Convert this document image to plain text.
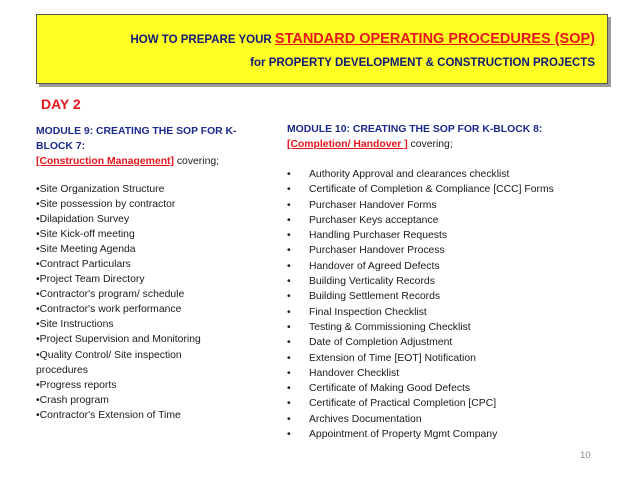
HOW TO PREPARE YOUR STANDARD OPERATING PROCEDURES (SOP)
for PROPERTY DEVELOPMENT & CONSTRUCTION PROJECTS
DAY 2
MODULE 9: CREATING THE SOP FOR K-BLOCK 7:
[Construction Management] covering;
•Site Organization Structure
•Site possession by contractor
•Dilapidation Survey
•Site Kick-off meeting
•Site Meeting Agenda
•Contract Particulars
•Project Team Directory
•Contractor's program/ schedule
•Contractor's work performance
•Site Instructions
•Project Supervision and Monitoring
•Quality Control/ Site inspection
procedures
•Progress reports
•Crash program
•Contractor's Extension of Time
MODULE 10: CREATING THE SOP FOR K-BLOCK 8:
[Completion/ Handover ] covering;
• Authority Approval and clearances checklist
• Certificate of Completion & Compliance [CCC] Forms
• Purchaser Handover Forms
• Purchaser Keys acceptance
• Handling Purchaser Requests
• Purchaser Handover Process
• Handover of Agreed Defects
• Building Verticality Records
• Building Settlement Records
• Final Inspection Checklist
• Testing & Commissioning Checklist
• Date of Completion Adjustment
• Extension of Time [EOT] Notification
• Handover Checklist
• Certificate of Making Good Defects
• Certificate of Practical Completion [CPC]
• Archives Documentation
• Appointment of Property Mgmt Company
10
